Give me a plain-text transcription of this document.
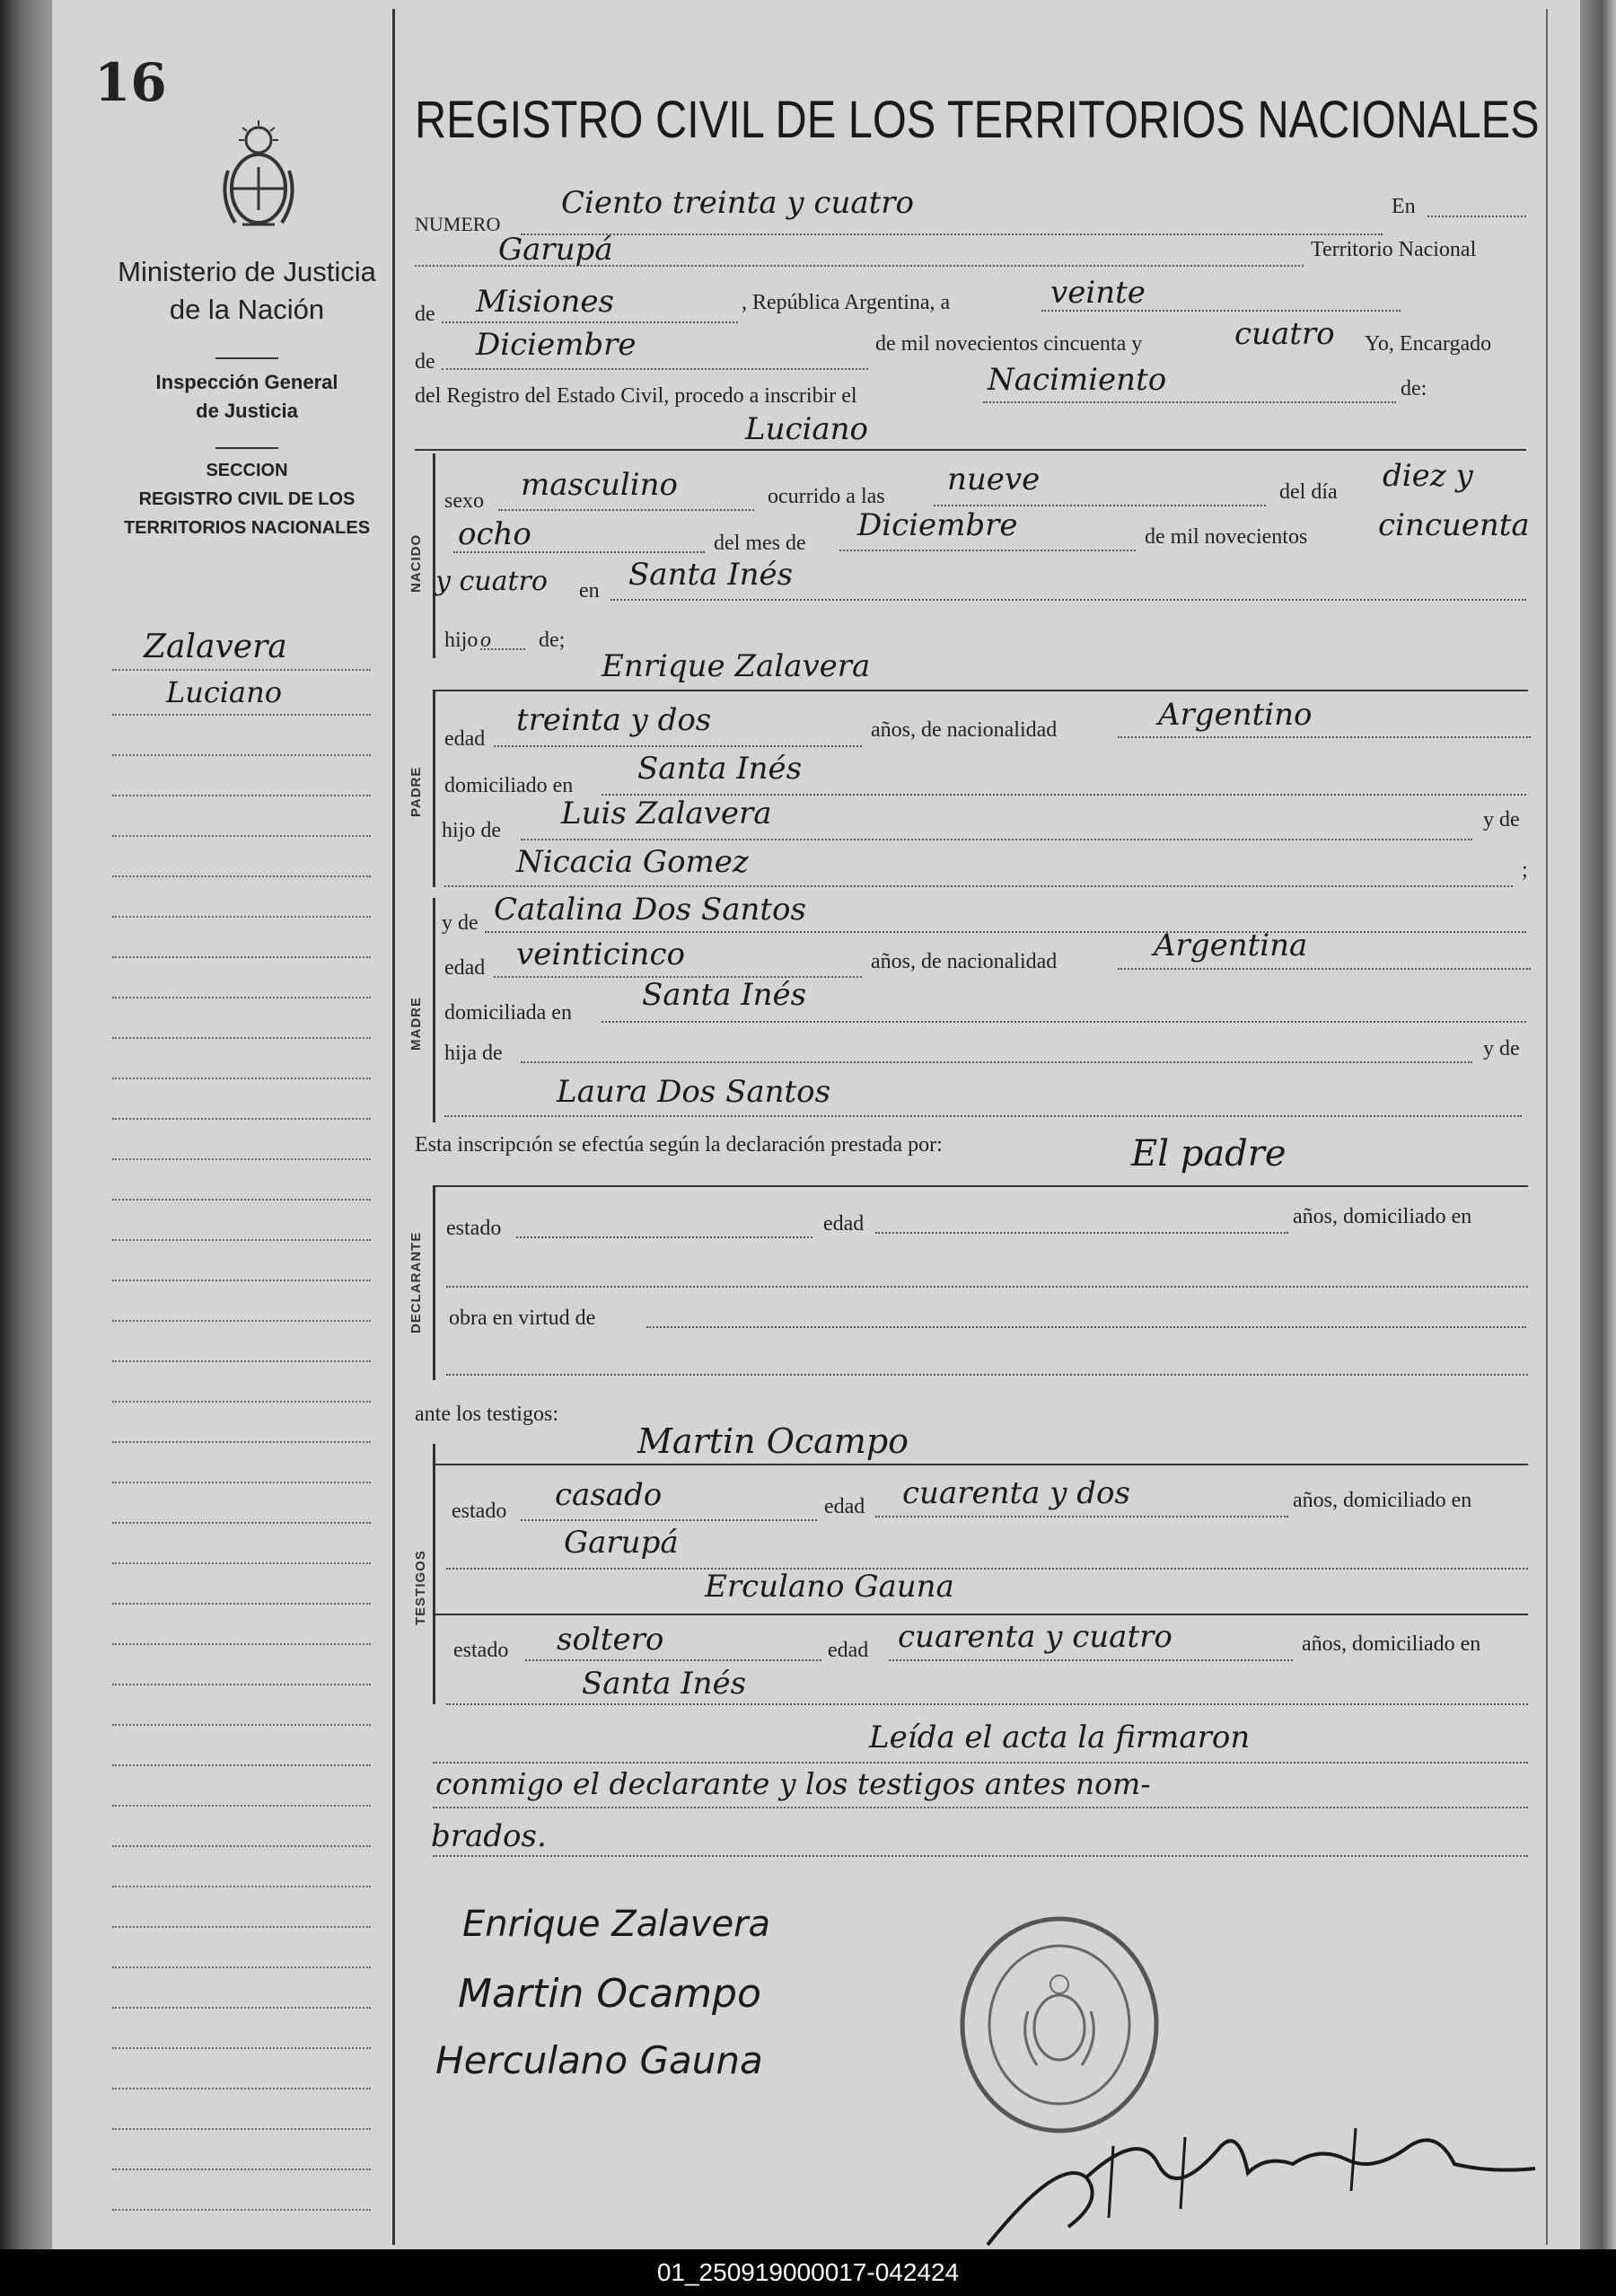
16
Ministerio de Justicia
de la Nación
Inspección General
de Justicia
SECCION
REGISTRO CIVIL DE LOS
TERRITORIOS NACIONALES
Zalavera
Luciano
REGISTRO CIVIL DE LOS TERRITORIOS NACIONALES
NUMERO
Ciento treinta y cuatro	En
Garupá	Territorio Nacional
de Misiones	, República Argentina, a	veinte
de Diciembre	de mil novecientos cincuenta y	cuatro Yo, Encargado
del Registro del Estado Civil, procedo a inscribir el	Nacimiento	de:
Luciano
NACIDO
sexo masculino	ocurrido a las nueve	del día diez y
ocho	del mes de Diciembre	de mil novecientos cincuenta
y cuatro en Santa Inés
hijo o de;
Enrique Zalavera
PADRE
edad
treinta y dos	años, de nacionalidad	Argentino
domiciliado en Santa Inés
hijo de Luis Zalavera	y de
Nicacia Gomez	;
MADRE
y de Catalina Dos Santos
edad veinticinco	años, de nacionalidad	Argentina
domiciliada en Santa Inés
hija de	y de
Laura Dos Santos
Esta inscripcıón se efectúa según la declaración prestada por:	El padre
DECLARANTE
estado	edad	años, domiciliado en
obra en virtud de
ante los testigos:
Martin Ocampo
TESTIGOS
estado casado	edad cuarenta y dos	años, domiciliado en
Garupá
Erculano Gauna
estado soltero	edad cuarenta y cuatro	años, domiciliado en
Santa Inés
Leída el acta la firmaron
conmigo el declarante y los testigos antes nom-
brados.
Enrique Zalavera
Martin Ocampo
Herculano Gauna
01_250919000017-042424
